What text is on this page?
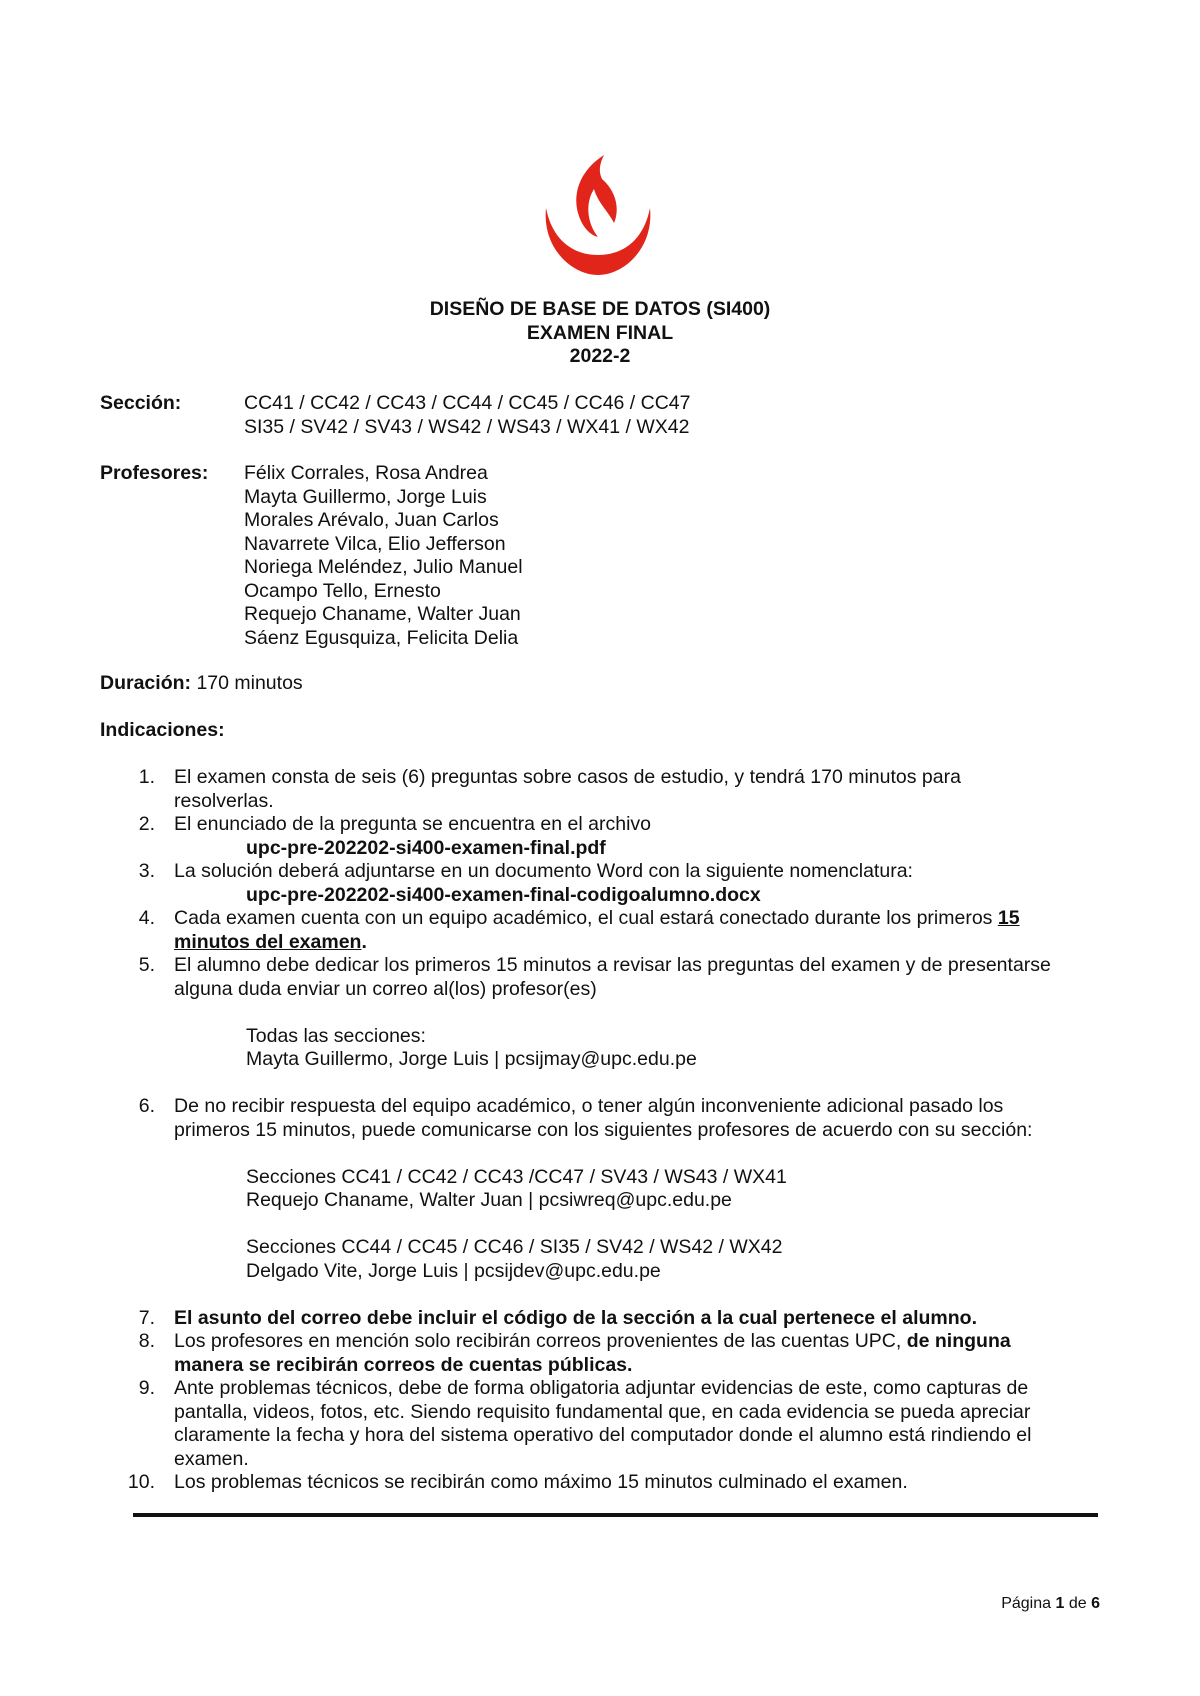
DISEÑO DE BASE DE DATOS (SI400)
EXAMEN FINAL
2022-2
Sección:	CC41 / CC42 / CC43 / CC44 / CC45 / CC46 / CC47
SI35 / SV42 / SV43 / WS42 / WS43 / WX41 / WX42
Profesores: Félix Corrales, Rosa Andrea
Mayta Guillermo, Jorge Luis
Morales Arévalo, Juan Carlos
Navarrete Vilca, Elio Jefferson
Noriega Meléndez, Julio Manuel
Ocampo Tello, Ernesto
Requejo Chaname, Walter Juan
Sáenz Egusquiza, Felicita Delia
Duración: 170 minutos
Indicaciones:
1. El examen consta de seis (6) preguntas sobre casos de estudio, y tendrá 170 minutos para
resolverlas.
2. El enunciado de la pregunta se encuentra en el archivo
upc-pre-202202-si400-examen-final.pdf
3. La solución deberá adjuntarse en un documento Word con la siguiente nomenclatura:
upc-pre-202202-si400-examen-final-codigoalumno.docx
4. Cada examen cuenta con un equipo académico, el cual estará conectado durante los primeros 15
minutos del examen.
5. El alumno debe dedicar los primeros 15 minutos a revisar las preguntas del examen y de presentarse
alguna duda enviar un correo al(los) profesor(es)
Todas las secciones:
Mayta Guillermo, Jorge Luis | pcsijmay@upc.edu.pe
6. De no recibir respuesta del equipo académico, o tener algún inconveniente adicional pasado los
primeros 15 minutos, puede comunicarse con los siguientes profesores de acuerdo con su sección:
Secciones CC41 / CC42 / CC43 /CC47 / SV43 / WS43 / WX41
Requejo Chaname, Walter Juan | pcsiwreq@upc.edu.pe
Secciones CC44 / CC45 / CC46 / SI35 / SV42 / WS42 / WX42
Delgado Vite, Jorge Luis | pcsijdev@upc.edu.pe
7. El asunto del correo debe incluir el código de la sección a la cual pertenece el alumno.
8. Los profesores en mención solo recibirán correos provenientes de las cuentas UPC, de ninguna
manera se recibirán correos de cuentas públicas.
9. Ante problemas técnicos, debe de forma obligatoria adjuntar evidencias de este, como capturas de
pantalla, videos, fotos, etc. Siendo requisito fundamental que, en cada evidencia se pueda apreciar
claramente la fecha y hora del sistema operativo del computador donde el alumno está rindiendo el
examen.
10. Los problemas técnicos se recibirán como máximo 15 minutos culminado el examen.
Página 1 de 6
